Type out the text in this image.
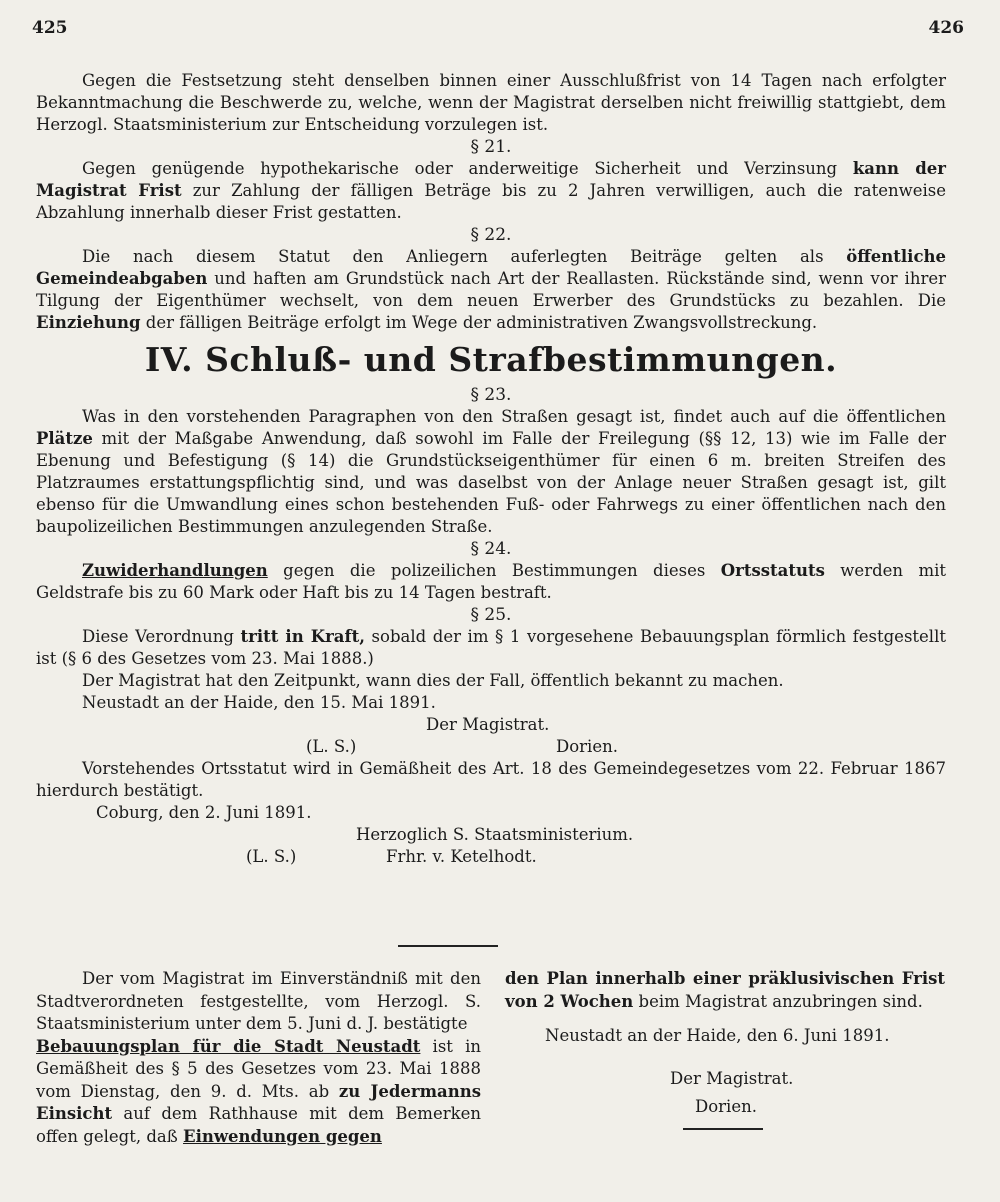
425	426

Gegen die Festsetzung steht denselben binnen einer Ausschlußfrist von 14 Tagen nach erfolgter Bekanntmachung die Beschwerde zu, welche, wenn der Magistrat derselben nicht freiwillig stattgiebt, dem Herzogl. Staatsministerium zur Entscheidung vorzulegen ist.

§ 21.

Gegen genügende hypothekarische oder anderweitige Sicherheit und Verzinsung kann der Magistrat Frist zur Zahlung der fälligen Beträge bis zu 2 Jahren verwilligen, auch die ratenweise Abzahlung innerhalb dieser Frist gestatten.

§ 22.

Die nach diesem Statut den Anliegern auferlegten Beiträge gelten als öffentliche Gemeindeabgaben und haften am Grundstück nach Art der Reallasten. Rückstände sind, wenn vor ihrer Tilgung der Eigenthümer wechselt, von dem neuen Erwerber des Grundstücks zu bezahlen. Die Einziehung der fälligen Beiträge erfolgt im Wege der administrativen Zwangsvollstreckung.

IV. Schluß- und Strafbestimmungen.

§ 23.

Was in den vorstehenden Paragraphen von den Straßen gesagt ist, findet auch auf die öffentlichen Plätze mit der Maßgabe Anwendung, daß sowohl im Falle der Freilegung (§§ 12, 13) wie im Falle der Ebenung und Befestigung (§ 14) die Grundstückseigenthümer für einen 6 m. breiten Streifen des Platzraumes erstattungspflichtig sind, und was daselbst von der Anlage neuer Straßen gesagt ist, gilt ebenso für die Umwandlung eines schon bestehenden Fuß- oder Fahrwegs zu einer öffentlichen nach den baupolizeilichen Bestimmungen anzulegenden Straße.

§ 24.

Zuwiderhandlungen gegen die polizeilichen Bestimmungen dieses Ortsstatuts werden mit Geldstrafe bis zu 60 Mark oder Haft bis zu 14 Tagen bestraft.

§ 25.

Diese Verordnung tritt in Kraft, sobald der im § 1 vorgesehene Bebauungsplan förmlich festgestellt ist (§ 6 des Gesetzes vom 23. Mai 1888.)

Der Magistrat hat den Zeitpunkt, wann dies der Fall, öffentlich bekannt zu machen.

Neustadt an der Haide, den 15. Mai 1891.

Der Magistrat.

(L. S.)	Dorien.

Vorstehendes Ortsstatut wird in Gemäßheit des Art. 18 des Gemeindegesetzes vom 22. Februar 1867 hierdurch bestätigt.

Coburg, den 2. Juni 1891.

Herzoglich S. Staatsministerium.

(L. S.)	Frhr. v. Ketelhodt.

Der vom Magistrat im Einverständniß mit den Stadtverordneten festgestellte, vom Herzogl. S. Staatsministerium unter dem 5. Juni d. J. bestätigte
Bebauungsplan für die Stadt Neustadt ist in Gemäßheit des § 5 des Gesetzes vom 23. Mai 1888 vom Dienstag, den 9. d. Mts. ab zu Jedermanns Einsicht auf dem Rathhause mit dem Bemerken offen gelegt, daß Einwendungen gegen

den Plan innerhalb einer präklusivischen Frist von 2 Wochen beim Magistrat anzubringen sind.

Neustadt an der Haide, den 6. Juni 1891.

Der Magistrat.

Dorien.
